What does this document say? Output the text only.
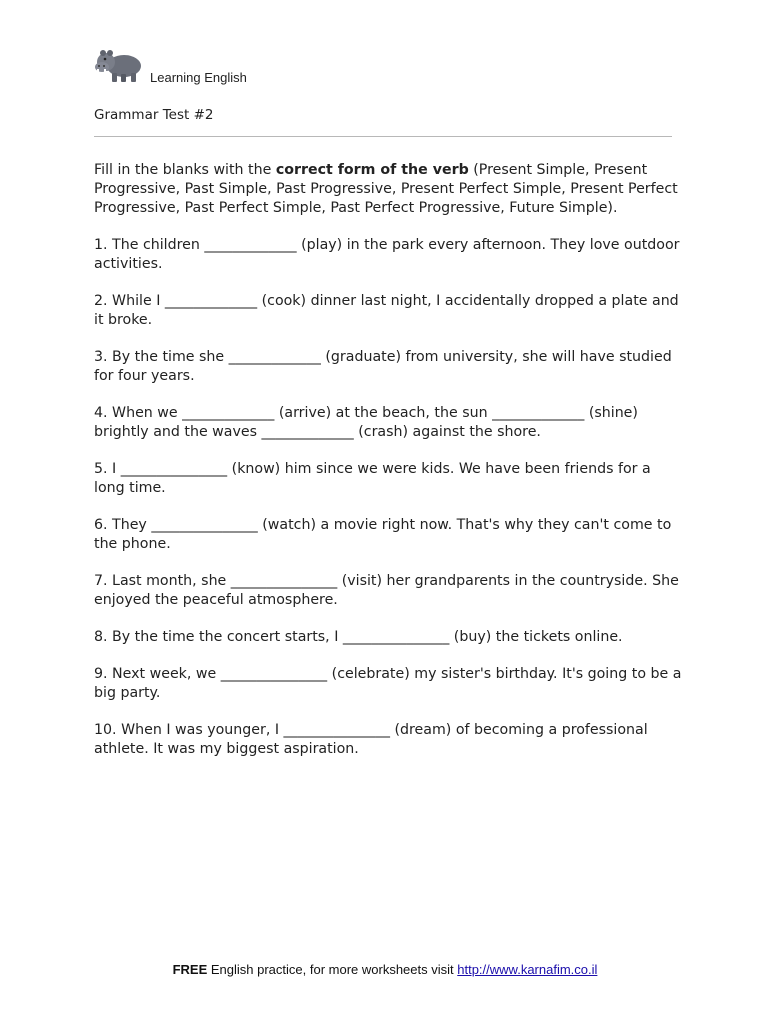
Learning English
Grammar Test #2

Fill in the blanks with the correct form of the verb (Present Simple, Present Progressive, Past Simple, Past Progressive, Present Perfect Simple, Present Perfect Progressive, Past Perfect Simple, Past Perfect Progressive, Future Simple).

1. The children _____________ (play) in the park every afternoon. They love outdoor activities.

2. While I _____________ (cook) dinner last night, I accidentally dropped a plate and it broke.

3. By the time she _____________ (graduate) from university, she will have studied for four years.

4. When we _____________ (arrive) at the beach, the sun _____________ (shine) brightly and the waves _____________ (crash) against the shore.

5. I _______________ (know) him since we were kids. We have been friends for a long time.

6. They _______________ (watch) a movie right now. That's why they can't come to the phone.

7. Last month, she _______________ (visit) her grandparents in the countryside. She enjoyed the peaceful atmosphere.

8. By the time the concert starts, I _______________ (buy) the tickets online.

9. Next week, we _______________ (celebrate) my sister's birthday. It's going to be a big party.

10. When I was younger, I _______________ (dream) of becoming a professional athlete. It was my biggest aspiration.

FREE English practice, for more worksheets visit http://www.karnafim.co.il
